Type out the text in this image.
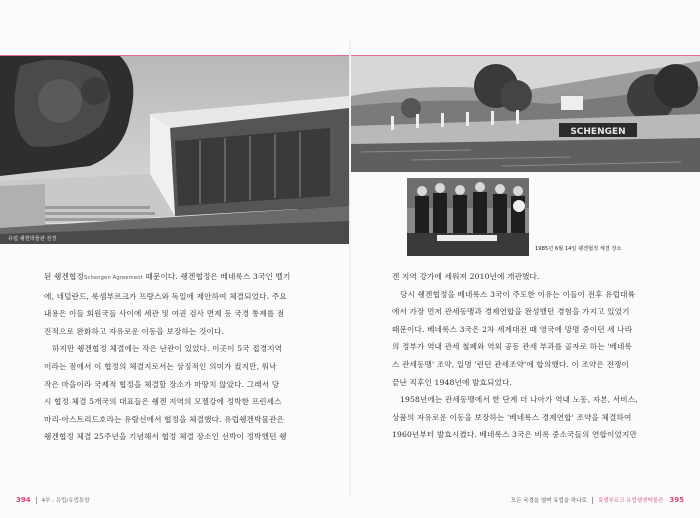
유럽 쉥겐박물관 전경
SCHENGEN
1985년 6월 14일 쉥겐협정 체결 장소

된 쉥겐협정Schengen Agreement 때문이다. 쉥겐협정은 베네룩스 3국인 벨기

에, 네덜란드, 룩셈부르크가 프랑스와 독일에 제안하여 체결되었다. 주요

내용은 이들 회원국들 사이에 세관 및 여권 검사 면제 등 국경 통제를 점

진적으로 완화하고 자유로운 이동을 보장하는 것이다.

하지만 쉥겐협정 체결에는 작은 난관이 있었다. 이곳이 5국 접경지역

이라는 점에서 이 협정의 체결지로서는 상징적인 의미가 컸지만, 워낙

작은 마을이라 국제적 협정을 체결할 장소가 마땅치 않았다. 그래서 당

시 협정 체결 5개국의 대표들은 쉥겐 지역의 모젤강에 정박한 프린세스

마리-아스트리드호라는 유람선에서 협정을 체결했다. 유럽쉥겐박물관은

쉥겐협정 체결 25주년을 기념해서 협정 체결 장소인 선박이 정박했던 쉥

겐 지역 강가에 세워져 2010년에 개관했다.

당시 쉥겐협정을 베네룩스 3국이 주도한 이유는 이들이 전후 유럽대륙

에서 가장 먼저 관세동맹과 경제연합을 완성했던 경험을 가지고 있었기

때문이다. 베네룩스 3국은 2차 세계대전 때 영국에 망명 중이던 세 나라

의 정부가 역내 관세 철폐와 역외 공동 관세 부과를 골자로 하는 '베네룩

스 관세동맹' 조약, 일명 '런던 관세조약'에 합의했다. 이 조약은 전쟁이

끝난 직후인 1948년에 발효되었다.

1958년에는 관세동맹에서 한 단계 더 나아가 역내 노동, 자본, 서비스,

상품의 자유로운 이동을 보장하는 '베네룩스 경제연합' 조약을 체결하여

1960년부터 발효시켰다. 베네룩스 3국은 비록 중소국들의 연합이었지만

394 4부 : 유럽/유럽통합	모든 국경을 열며 유럽을 하나로 룩셈부르크 유럽쉥겐박물관 395
